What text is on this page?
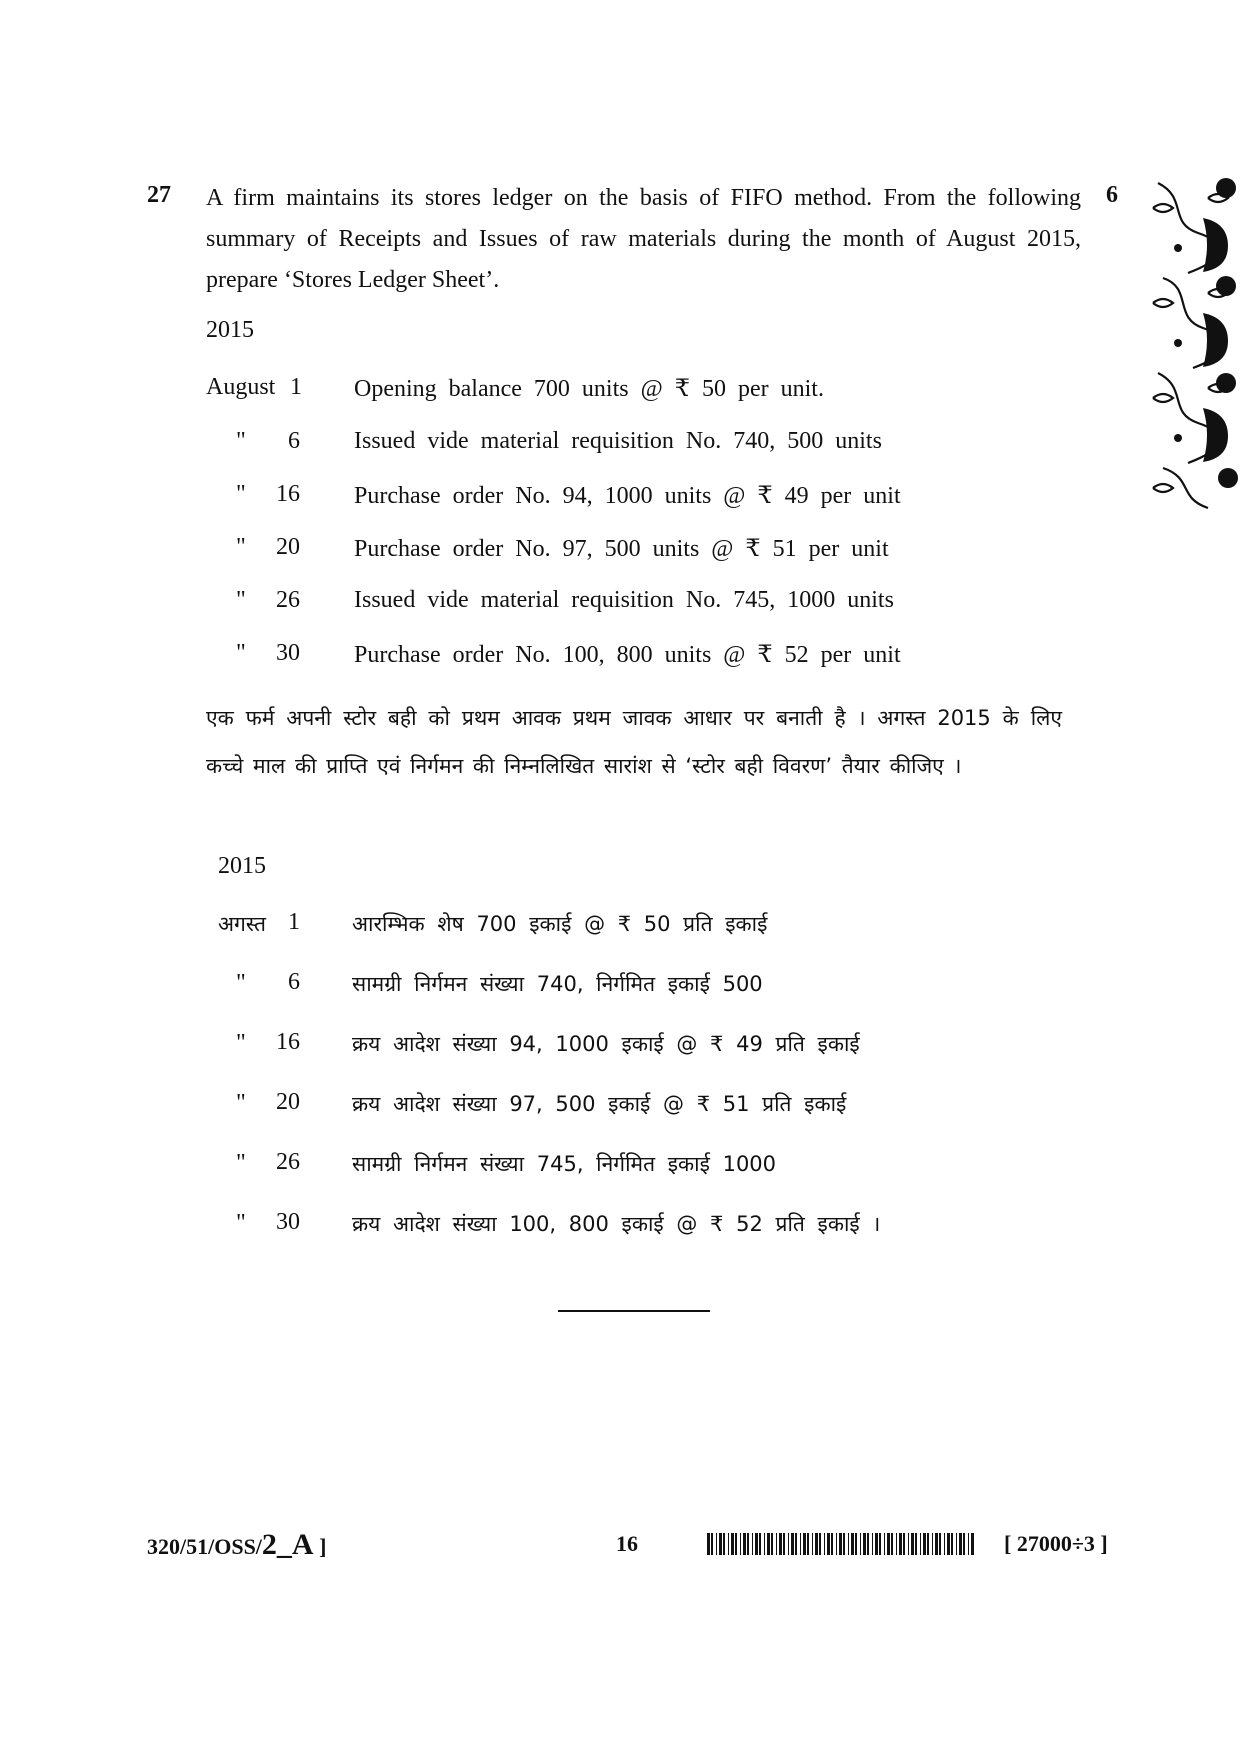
27 A firm maintains its stores ledger on the basis of FIFO method. From the following summary of Receipts and Issues of raw materials during the month of August 2015, prepare ‘Stores Ledger Sheet’.
6
2015
August 1 Opening balance 700 units @ ₹ 50 per unit.
"	6 Issued vide material requisition No. 740, 500 units
"	16 Purchase order No. 94, 1000 units @ ₹ 49 per unit
"	20 Purchase order No. 97, 500 units @ ₹ 51 per unit
"	26 Issued vide material requisition No. 745, 1000 units
"	30 Purchase order No. 100, 800 units @ ₹ 52 per unit
एक फर्म अपनी स्टोर बही को प्रथम आवक प्रथम जावक आधार पर बनाती है । अगस्त 2015 के लिए कच्चे माल की प्राप्ति एवं निर्गमन की निम्नलिखित सारांश से ‘स्टोर बही विवरण’ तैयार कीजिए ।
2015
अगस्त 1 आरम्भिक शेष 700 इकाई @ ₹ 50 प्रति इकाई
"	6 सामग्री निर्गमन संख्या 740, निर्गमित इकाई 500
"	16 क्रय आदेश संख्या 94, 1000 इकाई @ ₹ 49 प्रति इकाई
"	20 क्रय आदेश संख्या 97, 500 इकाई @ ₹ 51 प्रति इकाई
"	26 सामग्री निर्गमन संख्या 745, निर्गमित इकाई 1000
"	30 क्रय आदेश संख्या 100, 800 इकाई @ ₹ 52 प्रति इकाई ।
320/51/OSS/2_A ]	16	[ 27000÷3 ]
